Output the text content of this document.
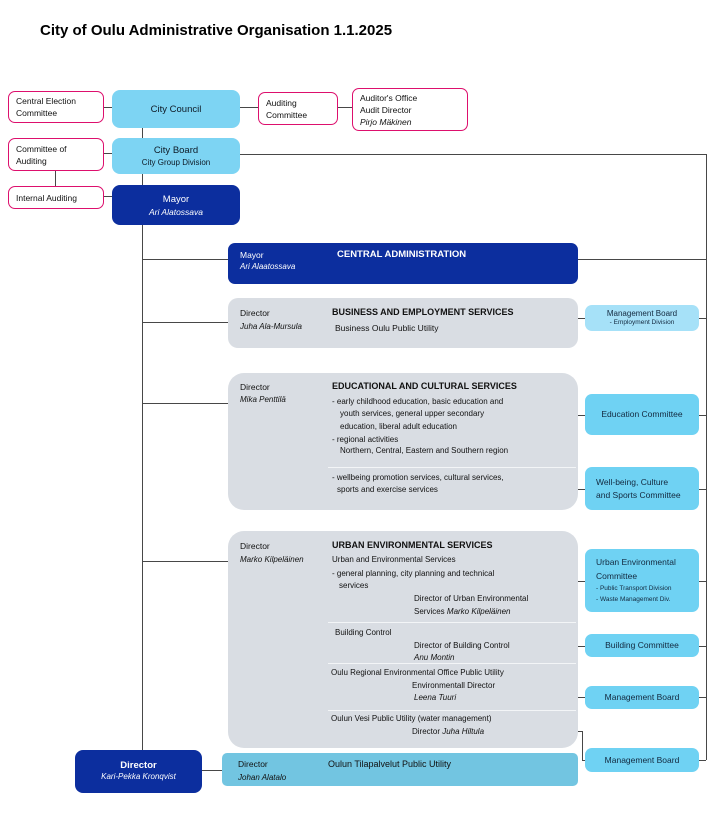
City of Oulu Administrative Organisation 1.1.2025
Central Election
Committee
Committee of
Auditing
Internal Auditing
City Council
City Board
City Group Division
Mayor
Ari Alatossava
Auditing
Committee
Auditor's Office
Audit Director
Pirjo Mäkinen
Mayor
Ari Alaatossava
CENTRAL ADMINISTRATION
Director
Juha Ala-Mursula
BUSINESS AND EMPLOYMENT SERVICES
Business Oulu Public Utility
Management Board
- Employment Division
Director
Mika Penttilä
EDUCATIONAL AND CULTURAL SERVICES
- early childhood education, basic education and
youth services, general upper secondary
education, liberal adult education
- regional activities
Northern, Central, Eastern and Southern region
- wellbeing promotion services, cultural services,
sports and exercise services
Education Committee
Well-being, Culture
and Sports Committee
Director
Marko Kilpeläinen
URBAN ENVIRONMENTAL SERVICES
Urban and Environmental Services
- general planning, city planning and technical
services
Director of Urban Environmental
Services Marko Kilpeläinen
Building Control
Director of Building Control
Anu Montin
Oulu Regional Environmental Office Public Utility
Environmentall Director
Leena Tuuri
Oulun Vesi Public Utility (water management)
Director Juha Hiltula
Urban Environmental
Committee
- Public Transport Division
- Waste Management Div.
Building Committee
Management Board
Management Board
Director
Kari-Pekka Kronqvist
Director
Johan Alatalo
Oulun Tilapalvelut Public Utility
